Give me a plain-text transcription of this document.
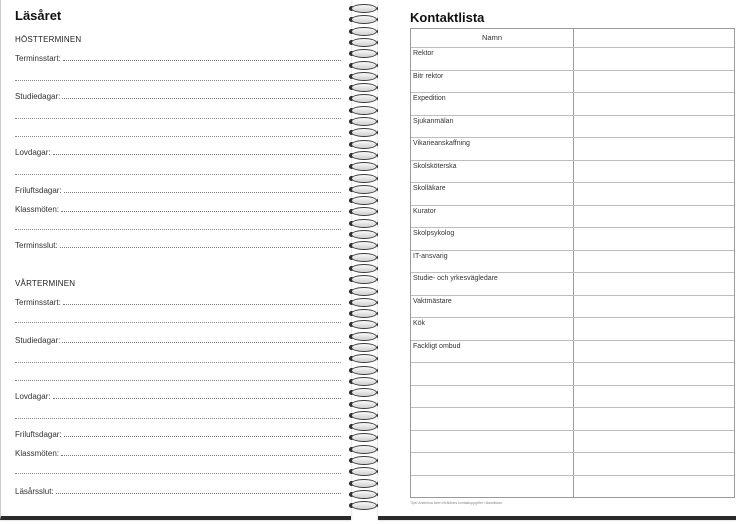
Läsåret
HÖSTTERMINEN
Terminsstart:
Studiedagar:
Lovdagar:
Friluftsdagar:
Klassmöten:
Terminsslut:
VÅRTERMINEN
Terminsstart:
Studiedagar:
Lovdagar:
Friluftsdagar:
Klassmöten:
Läsårsslut:
Kontaktlista
Namn
Rektor
Bitr rektor
Expedition
Sjukanmälan
Vikarieanskaffning
Skolsköterska
Skolläkare
Kurator
Skolpsykolog
IT-ansvarig
Studie- och yrkesvägledare
Vaktmästare
Kök
Fackligt ombud
Tips! Anteckna även föräldrars kontaktuppgifter i klasslistan.
